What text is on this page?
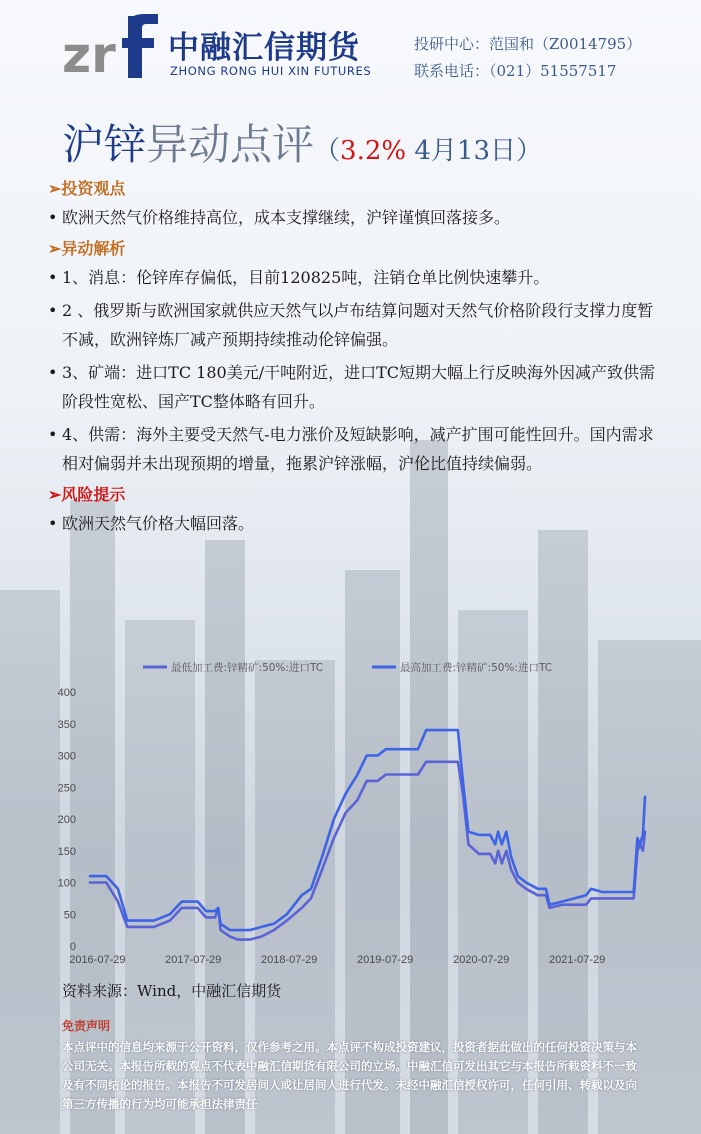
zr 中融汇信期货
ZHONG RONG HUI XIN FUTURES
投研中心：范国和（Z0014795）
联系电话：（021）51557517
沪锌异动点评（3.2% 4月13日）
➢投资观点
• 欧洲天然气价格维持高位，成本支撑继续，沪锌谨慎回落接多。
➢异动解析
• 1、消息：伦锌库存偏低，目前120825吨，注销仓单比例快速攀升。
• 2 、俄罗斯与欧洲国家就供应天然气以卢布结算问题对天然气价格阶段行支撑力度暂不减，欧洲锌炼厂减产预期持续推动伦锌偏强。
• 3、矿端：进口TC 180美元/干吨附近，进口TC短期大幅上行反映海外因减产致供需阶段性宽松、国产TC整体略有回升。
• 4、供需：海外主要受天然气-电力涨价及短缺影响，减产扩围可能性回升。国内需求相对偏弱并未出现预期的增量，拖累沪锌涨幅，沪伦比值持续偏弱。
➢风险提示
• 欧洲天然气价格大幅回落。
0
50
100
150
200
250
300
350
400
2016-07-29	2017-07-29	2018-07-29	2019-07-29	2020-07-29	2021-07-29
最低加工费:锌精矿:50%:进口TC	最高加工费:锌精矿:50%:进口TC
资料来源：Wind，中融汇信期货
免责声明
本点评中的信息均来源于公开资料，仅作参考之用。本点评不构成投资建议，投资者据此做出的任何投资决策与本公司无关。本报告所载的观点不代表中融汇信期货有限公司的立场。中融汇信可发出其它与本报告所载资料不一致及有不同结论的报告。本报告不可发居间人或让居间人进行代发。未经中融汇信授权许可，任何引用、转载以及向第三方传播的行为均可能承担法律责任
